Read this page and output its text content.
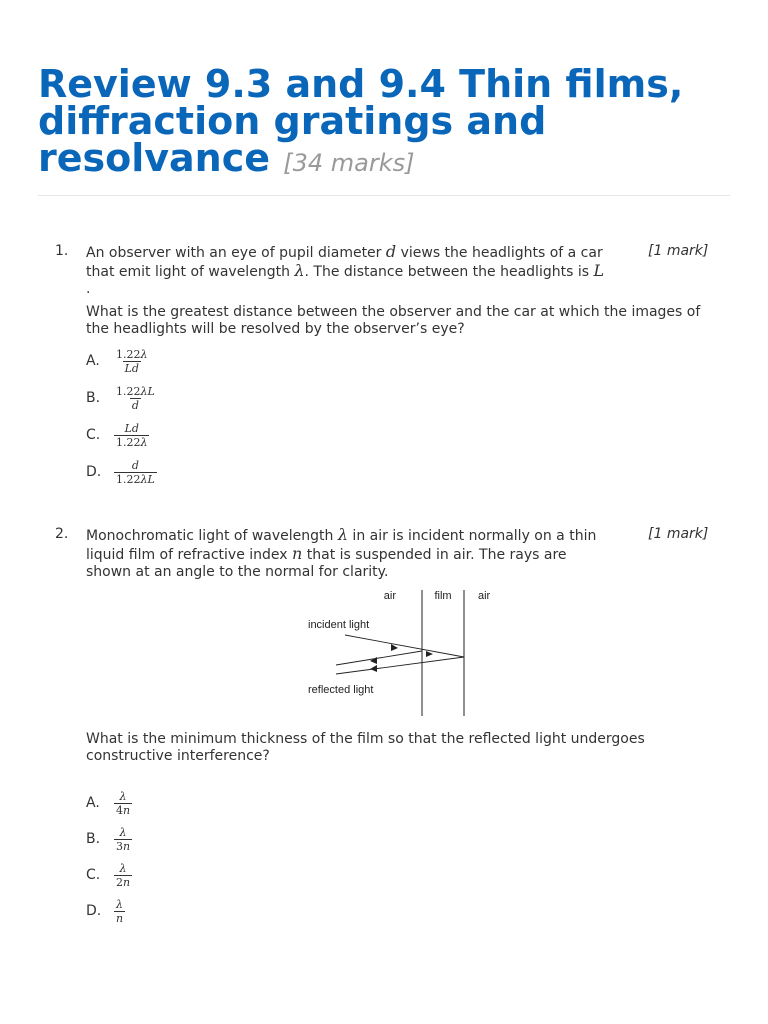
Review 9.3 and 9.4 Thin films, diffraction gratings and resolvance [34 marks]
1. An observer with an eye of pupil diameter d views the headlights of a car
that emit light of wavelength λ. The distance between the headlights is L
.
[1 mark]
What is the greatest distance between the observer and the car at which the images of the headlights will be resolved by the observer’s eye?
A.	$\frac{1.22\lambda}{Ld}$
B.	$\frac{1.22\lambda L}{d}$
C.	$\frac{Ld}{1.22\lambda}$
D.	$\frac{d}{1.22\lambda L}$
2. Monochromatic light of wavelength λ in air is incident normally on a thin
liquid film of refractive index n that is suspended in air. The rays are
shown at an angle to the normal for clarity.
[1 mark]
air	film air
incident light
reflected light
What is the minimum thickness of the film so that the reflected light undergoes constructive interference?
A.	$\frac{\lambda}{4n}$
B.	$\frac{\lambda}{3n}$
C.	$\frac{\lambda}{2n}$
D.	$\frac{\lambda}{n}$
